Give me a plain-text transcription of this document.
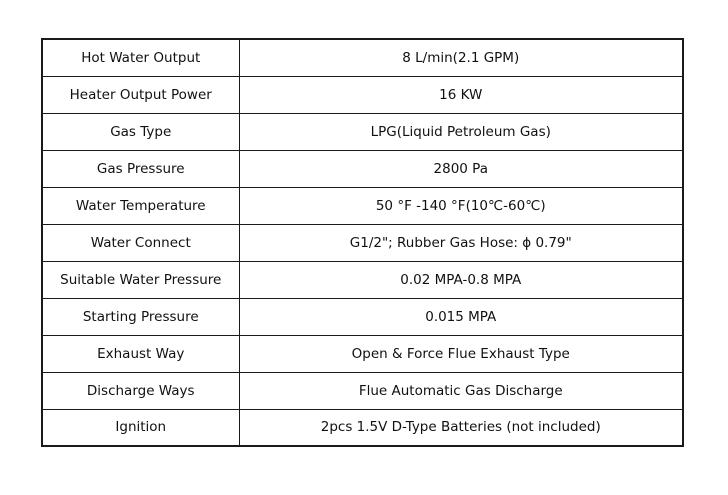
Hot Water Output	8 L/min(2.1 GPM)
Heater Output Power	16 KW
Gas Type	LPG(Liquid Petroleum Gas)
Gas Pressure	2800 Pa
Water Temperature	50 °F -140 °F(10℃-60℃)
Water Connect	G1/2"; Rubber Gas Hose: ϕ 0.79"
Suitable Water Pressure	0.02 MPA-0.8 MPA
Starting Pressure	0.015 MPA
Exhaust Way	Open & Force Flue Exhaust Type
Discharge Ways	Flue Automatic Gas Discharge
Ignition	2pcs 1.5V D-Type Batteries (not included)
